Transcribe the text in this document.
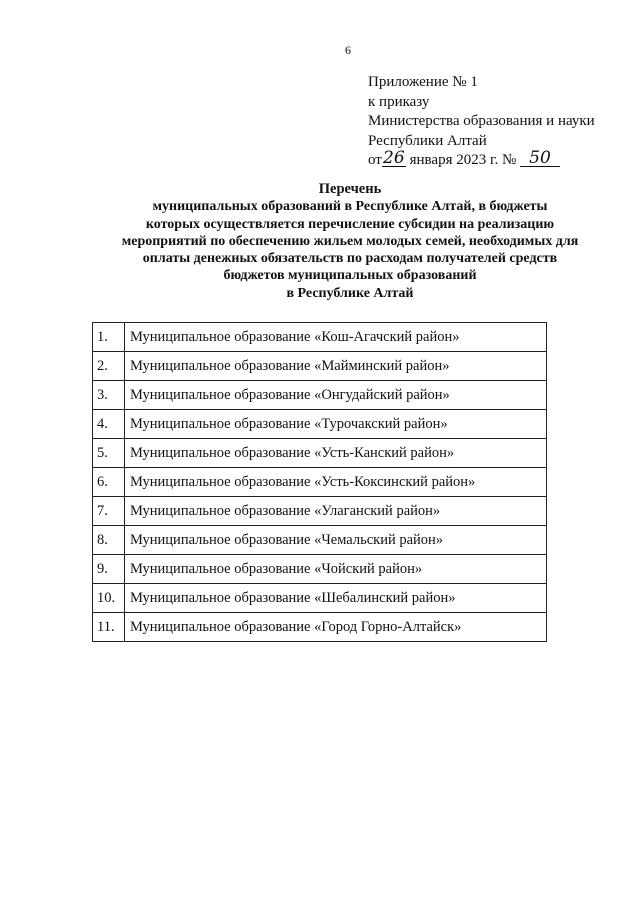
6
Приложение № 1
к приказу
Министерства образования и науки
Республики Алтай
от26 января 2023 г. № 50
Перечень
муниципальных образований в Республике Алтай, в бюджеты
которых осуществляется перечисление субсидии на реализацию
мероприятий по обеспечению жильем молодых семей, необходимых для
оплаты денежных обязательств по расходам получателей средств
бюджетов муниципальных образований
в Республике Алтай
1.	Муниципальное образование «Кош-Агачский район»
2.	Муниципальное образование «Майминский район»
3.	Муниципальное образование «Онгудайский район»
4.	Муниципальное образование «Турочакский район»
5.	Муниципальное образование «Усть-Канский район»
6.	Муниципальное образование «Усть-Коксинский район»
7.	Муниципальное образование «Улаганский район»
8.	Муниципальное образование «Чемальский район»
9.	Муниципальное образование «Чойский район»
10.	Муниципальное образование «Шебалинский район»
11.	Муниципальное образование «Город Горно-Алтайск»
